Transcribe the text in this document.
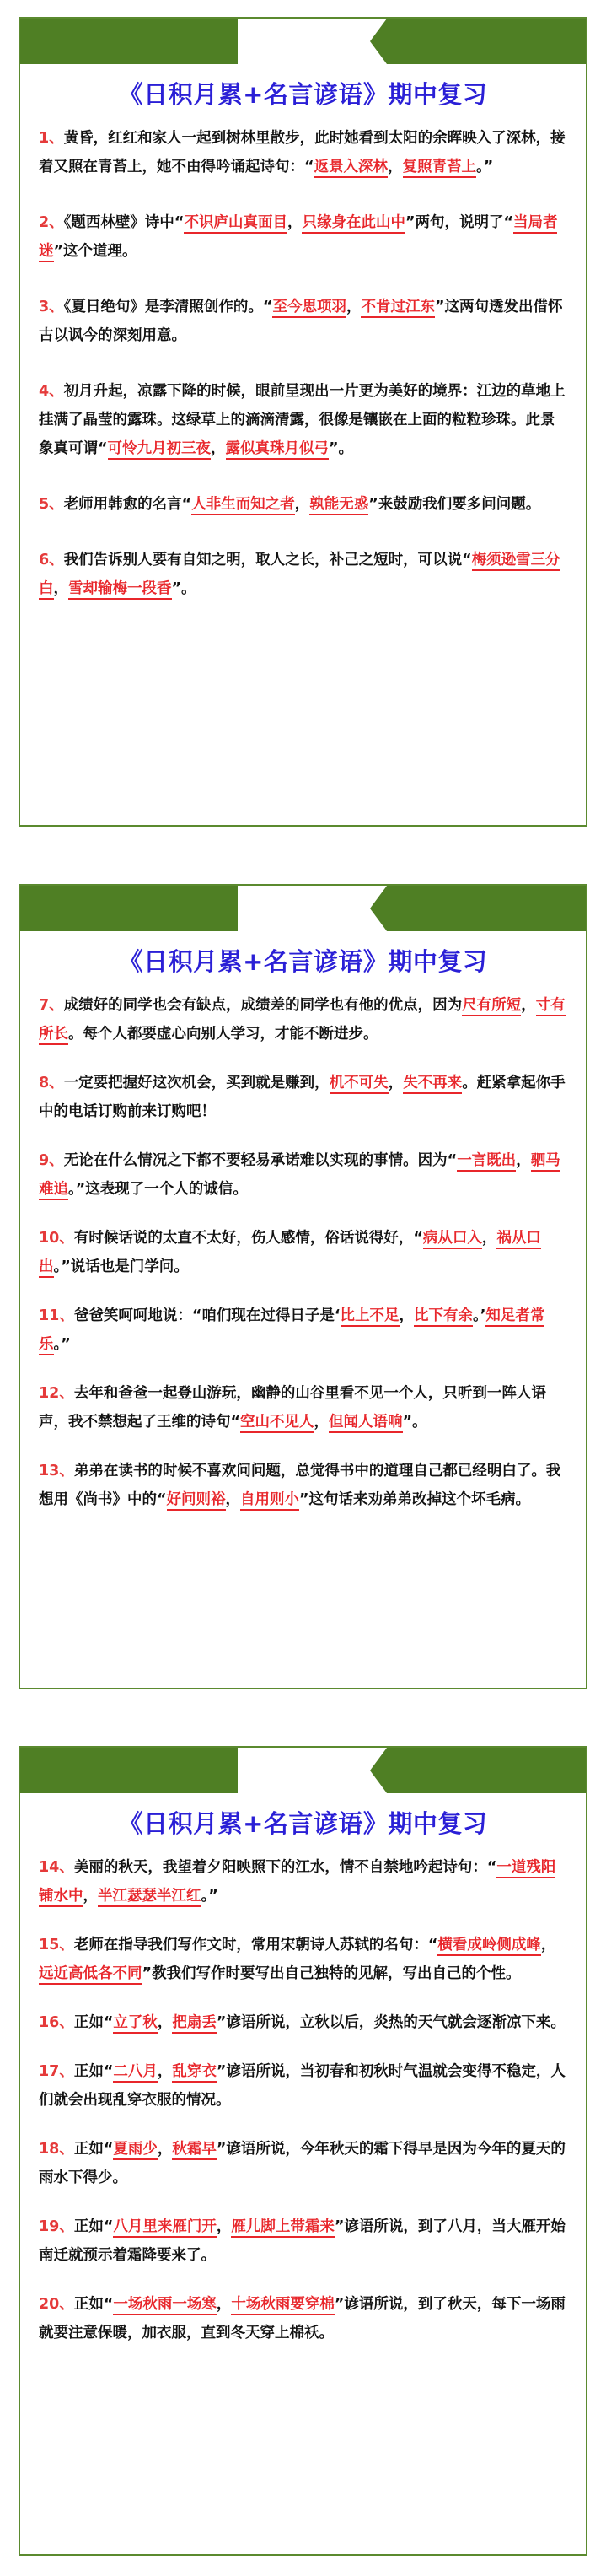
《日积月累+名言谚语》期中复习
1、黄昏，红红和家人一起到树林里散步，此时她看到太阳的余晖映入了深林，接着又照在青苔上，她不由得吟诵起诗句：“返景入深林，复照青苔上。”
2、《题西林壁》诗中“不识庐山真面目，只缘身在此山中”两句，说明了“当局者迷”这个道理。
3、《夏日绝句》是李清照创作的。“至今思项羽，不肯过江东”这两句透发出借怀古以讽今的深刻用意。
4、初月升起，凉露下降的时候，眼前呈现出一片更为美好的境界：江边的草地上挂满了晶莹的露珠。这绿草上的滴滴清露，很像是镶嵌在上面的粒粒珍珠。此景象真可谓“可怜九月初三夜，露似真珠月似弓”。
5、老师用韩愈的名言“人非生而知之者，孰能无惑”来鼓励我们要多问问题。
6、我们告诉别人要有自知之明，取人之长，补己之短时，可以说“梅须逊雪三分白，雪却输梅一段香”。
《日积月累+名言谚语》期中复习
7、成绩好的同学也会有缺点，成绩差的同学也有他的优点，因为尺有所短，寸有所长。每个人都要虚心向别人学习，才能不断进步。
8、一定要把握好这次机会，买到就是赚到，机不可失，失不再来。赶紧拿起你手中的电话订购前来订购吧！
9、无论在什么情况之下都不要轻易承诺难以实现的事情。因为“一言既出，驷马难追。”这表现了一个人的诚信。
10、有时候话说的太直不太好，伤人感情，俗话说得好，“病从口入，祸从口出。”说话也是门学问。
11、爸爸笑呵呵地说：“咱们现在过得日子是‘比上不足，比下有余。’知足者常乐。”
12、去年和爸爸一起登山游玩，幽静的山谷里看不见一个人，只听到一阵人语声，我不禁想起了王维的诗句“空山不见人，但闻人语响”。
13、弟弟在读书的时候不喜欢问问题，总觉得书中的道理自己都已经明白了。我想用《尚书》中的“好问则裕，自用则小”这句话来劝弟弟改掉这个坏毛病。
《日积月累+名言谚语》期中复习
14、美丽的秋天，我望着夕阳映照下的江水，情不自禁地吟起诗句：“一道残阳铺水中，半江瑟瑟半江红。”
15、老师在指导我们写作文时，常用宋朝诗人苏轼的名句：“横看成岭侧成峰，远近高低各不同”教我们写作时要写出自己独特的见解，写出自己的个性。
16、正如“立了秋，把扇丢”谚语所说，立秋以后，炎热的天气就会逐渐凉下来。
17、正如“二八月，乱穿衣”谚语所说，当初春和初秋时气温就会变得不稳定，人们就会出现乱穿衣服的情况。
18、正如“夏雨少，秋霜早”谚语所说，今年秋天的霜下得早是因为今年的夏天的雨水下得少。
19、正如“八月里来雁门开，雁儿脚上带霜来”谚语所说，到了八月，当大雁开始南迁就预示着霜降要来了。
20、正如“一场秋雨一场寒，十场秋雨要穿棉”谚语所说，到了秋天，每下一场雨就要注意保暖，加衣服，直到冬天穿上棉袄。
